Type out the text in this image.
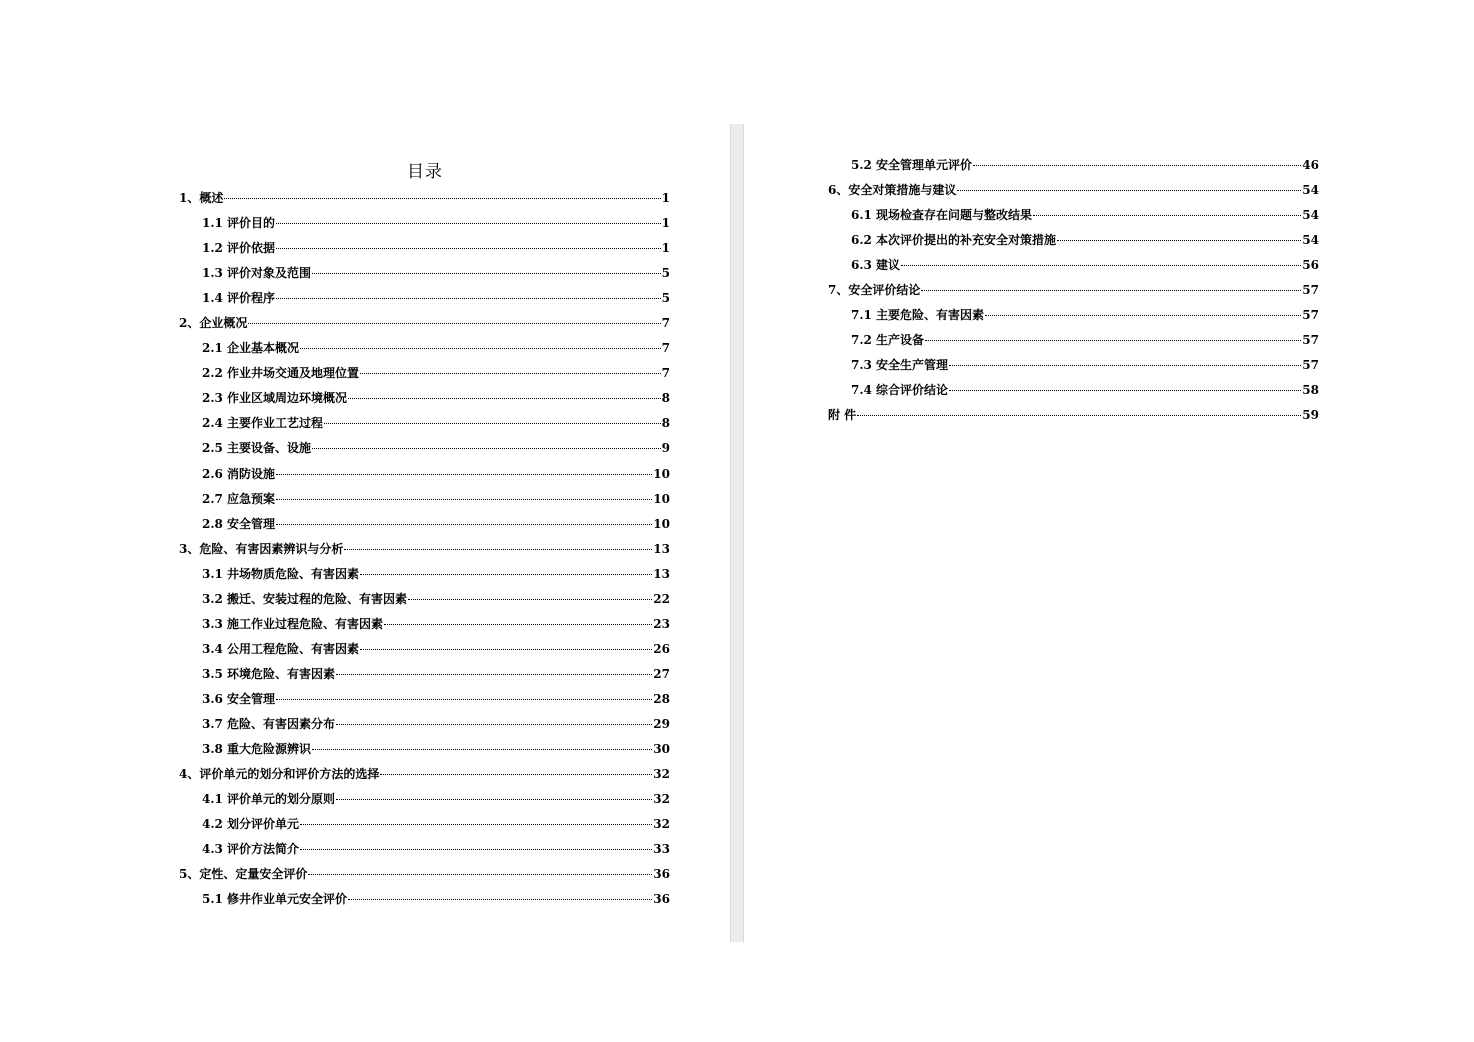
目录
1、概述	1
1.1 评价目的	1
1.2 评价依据	1
1.3 评价对象及范围	5
1.4 评价程序	5
2、企业概况	7
2.1 企业基本概况	7
2.2 作业井场交通及地理位置	7
2.3 作业区域周边环境概况	8
2.4 主要作业工艺过程	8
2.5 主要设备、设施	9
2.6 消防设施	10
2.7 应急预案	10
2.8 安全管理	10
3、危险、有害因素辨识与分析	13
3.1 井场物质危险、有害因素	13
3.2 搬迁、安装过程的危险、有害因素	22
3.3 施工作业过程危险、有害因素	23
3.4 公用工程危险、有害因素	26
3.5 环境危险、有害因素	27
3.6 安全管理	28
3.7 危险、有害因素分布	29
3.8 重大危险源辨识	30
4、评价单元的划分和评价方法的选择	32
4.1 评价单元的划分原则	32
4.2 划分评价单元	32
4.3 评价方法简介	33
5、定性、定量安全评价	36
5.1 修井作业单元安全评价	36
5.2 安全管理单元评价	46
6、安全对策措施与建议	54
6.1 现场检查存在问题与整改结果	54
6.2 本次评价提出的补充安全对策措施	54
6.3 建议	56
7、安全评价结论	57
7.1 主要危险、有害因素	57
7.2 生产设备	57
7.3 安全生产管理	57
7.4 综合评价结论	58
附 件	59
